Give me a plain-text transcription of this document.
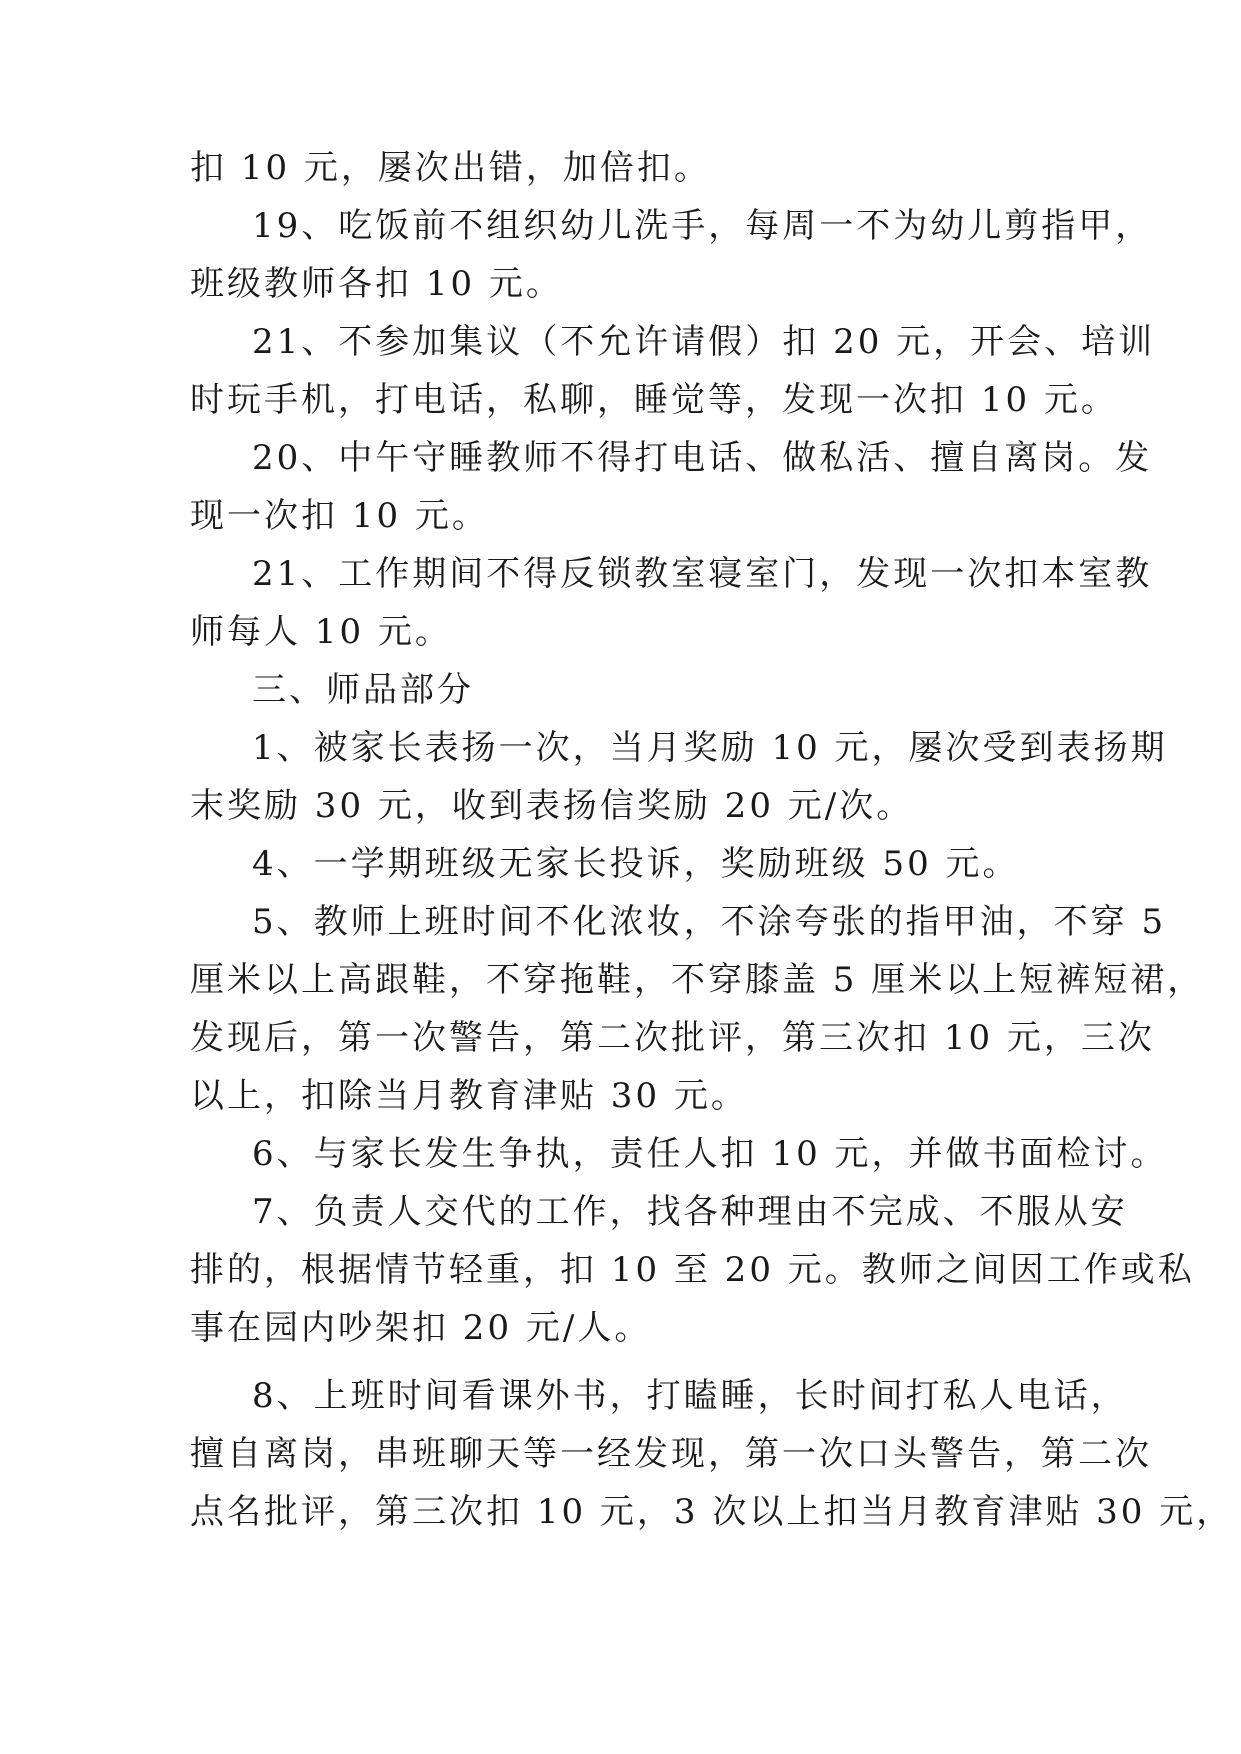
扣 10 元，屡次出错，加倍扣。
19、吃饭前不组织幼儿洗手，每周一不为幼儿剪指甲，
班级教师各扣 10 元。
21、不参加集议（不允许请假）扣 20 元，开会、培训
时玩手机，打电话，私聊，睡觉等，发现一次扣 10 元。
20、中午守睡教师不得打电话、做私活、擅自离岗。发
现一次扣 10 元。
21、工作期间不得反锁教室寝室门，发现一次扣本室教
师每人 10 元。
三、师品部分
1、被家长表扬一次，当月奖励 10 元，屡次受到表扬期
末奖励 30 元，收到表扬信奖励 20 元/次。
4、一学期班级无家长投诉，奖励班级 50 元。
5、教师上班时间不化浓妆，不涂夸张的指甲油，不穿 5
厘米以上高跟鞋，不穿拖鞋，不穿膝盖 5 厘米以上短裤短裙，
发现后，第一次警告，第二次批评，第三次扣 10 元，三次
以上，扣除当月教育津贴 30 元。
6、与家长发生争执，责任人扣 10 元，并做书面检讨。
7、负责人交代的工作，找各种理由不完成、不服从安
排的，根据情节轻重，扣 10 至 20 元。教师之间因工作或私
事在园内吵架扣 20 元/人。
8、上班时间看课外书，打瞌睡，长时间打私人电话，
擅自离岗，串班聊天等一经发现，第一次口头警告，第二次
点名批评，第三次扣 10 元，3 次以上扣当月教育津贴 30 元，
